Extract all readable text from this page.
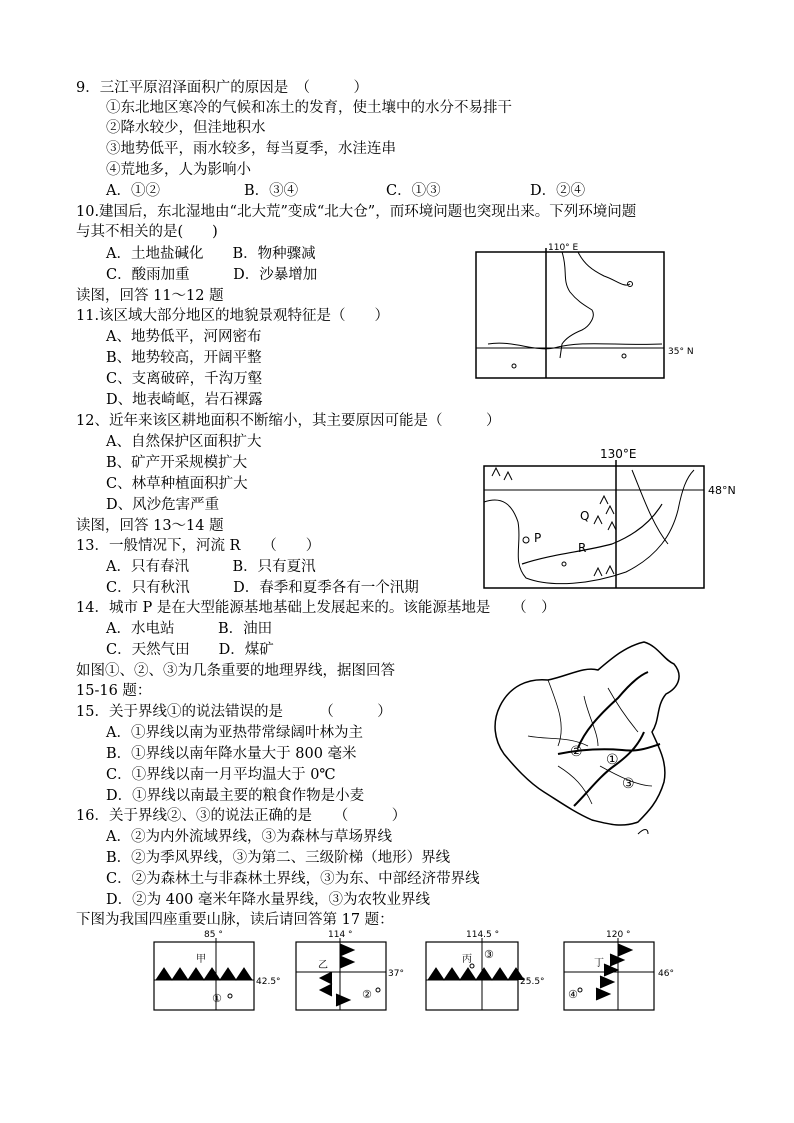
9．三江平原沼泽面积广的原因是　（　　　）
①东北地区寒冷的气候和冻土的发育，使土壤中的水分不易排干
②降水较少，但洼地积水
③地势低平，雨水较多，每当夏季，水洼连串
④荒地多，人为影响小
A．①②	B．③④	C．①③	D．②④
10.建国后，东北湿地由“北大荒”变成“北大仓”，而环境问题也突现出来。下列环境问题
与其不相关的是(　　)
A．土地盐碱化　　B．物种骤减
C．酸雨加重　　　D．沙暴增加
读图，回答 11～12 题
11.该区域大部分地区的地貌景观特征是（　　）
A、地势低平，河网密布
B、地势较高，开阔平整
C、支离破碎，千沟万壑
D、地表崎岖，岩石裸露
12、近年来该区耕地面积不断缩小，其主要原因可能是（　　　）
A、自然保护区面积扩大
B、矿产开采规模扩大
C、林草种植面积扩大
D、风沙危害严重
读图，回答 13～14 题
13．一般情况下，河流 R　　（　　）
A．只有春汛　　　B．只有夏汛
C．只有秋汛　　　D．春季和夏季各有一个汛期
14．城市 P 是在大型能源基地基础上发展起来的。该能源基地是　　（　）
A．水电站　　　B．油田
C．天然气田　　D．煤矿
如图①、②、③为几条重要的地理界线，据图回答
15-16 题：
15．关于界线①的说法错误的是　　　（　　　）
A．①界线以南为亚热带常绿阔叶林为主
B．①界线以南年降水量大于 800 毫米
C．①界线以南一月平均温大于 0℃
D．①界线以南最主要的粮食作物是小麦
16．关于界线②、③的说法正确的是　　（　　　）
A．②为内外流域界线，③为森林与草场界线
B．②为季风界线，③为第二、三级阶梯（地形）界线
C．②为森林土与非森林土界线，③为东、中部经济带界线
D．②为 400 毫米年降水量界线，③为农牧业界线
下图为我国四座重要山脉，读后请回答第 17 题：
110° E
35° N
P
Q
R
130°E
48°N
①
②
③
甲
①
85 °
42.5°
乙
②
114 °
37°
丙 ③
114.5 °
25.5°
丁
④
120 °
46°
